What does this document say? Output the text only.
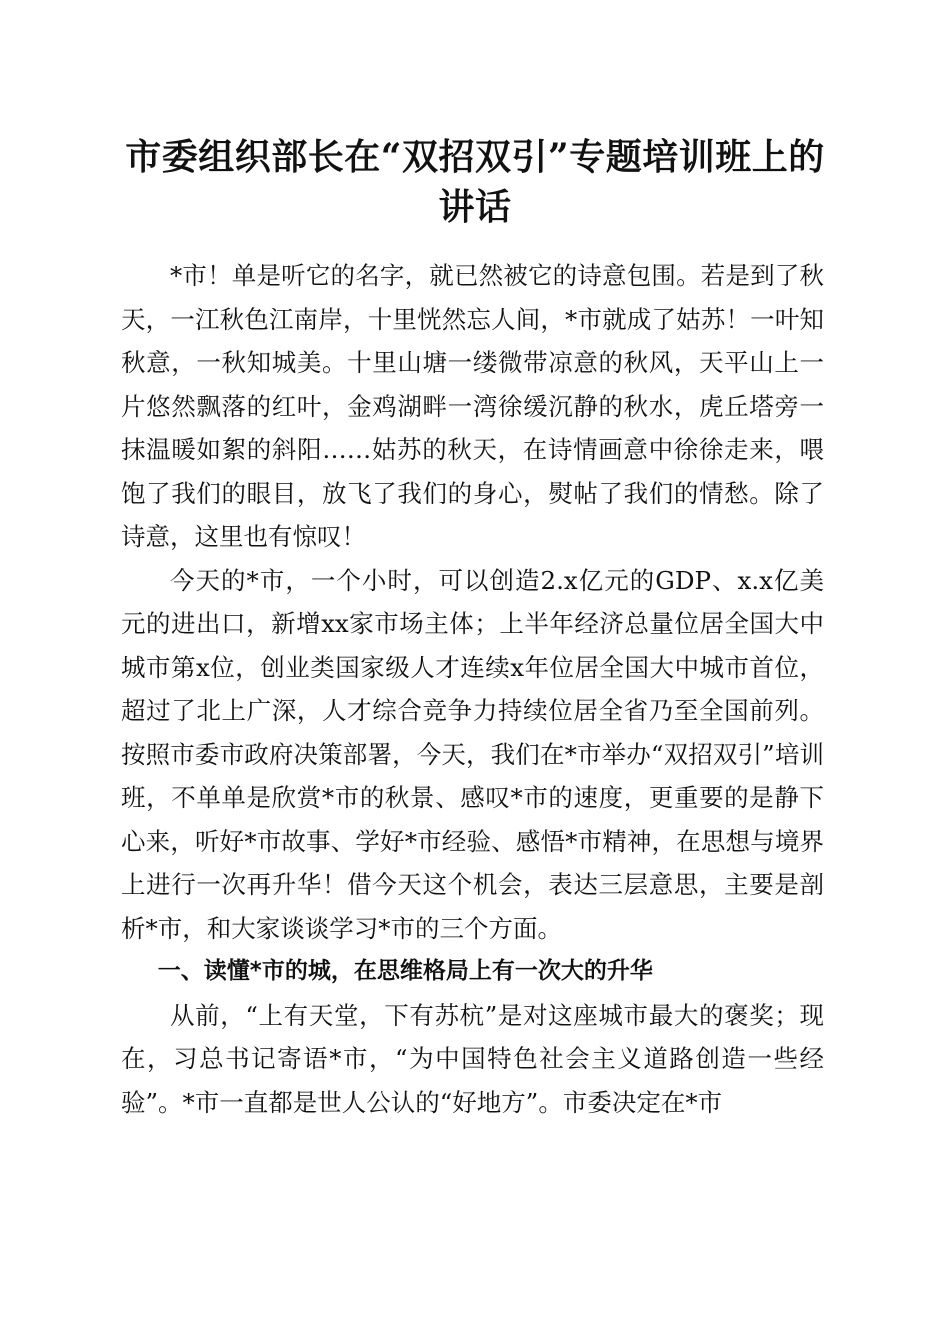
市委组织部长在“双招双引”专题培训班上的
讲话

*市！单是听它的名字，就已然被它的诗意包围。若是到了秋天，一江秋色江南岸，十里恍然忘人间，*市就成了姑苏！一叶知秋意，一秋知城美。十里山塘一缕微带凉意的秋风，天平山上一片悠然飘落的红叶，金鸡湖畔一湾徐缓沉静的秋水，虎丘塔旁一抹温暖如絮的斜阳……姑苏的秋天，在诗情画意中徐徐走来，喂饱了我们的眼目，放飞了我们的身心，熨帖了我们的情愁。除了诗意，这里也有惊叹！

今天的*市，一个小时，可以创造2.x亿元的GDP、x.x亿美元的进出口，新增xx家市场主体；上半年经济总量位居全国大中城市第x位，创业类国家级人才连续x年位居全国大中城市首位，超过了北上广深，人才综合竞争力持续位居全省乃至全国前列。按照市委市政府决策部署，今天，我们在*市举办“双招双引”培训班，不单单是欣赏*市的秋景、感叹*市的速度，更重要的是静下心来，听好*市故事、学好*市经验、感悟*市精神，在思想与境界上进行一次再升华！借今天这个机会，表达三层意思，主要是剖析*市，和大家谈谈学习*市的三个方面。

一、读懂*市的城，在思维格局上有一次大的升华

从前，“上有天堂，下有苏杭”是对这座城市最大的褒奖；现在，习总书记寄语*市，“为中国特色社会主义道路创造一些经验”。*市一直都是世人公认的“好地方”。市委决定在*市
